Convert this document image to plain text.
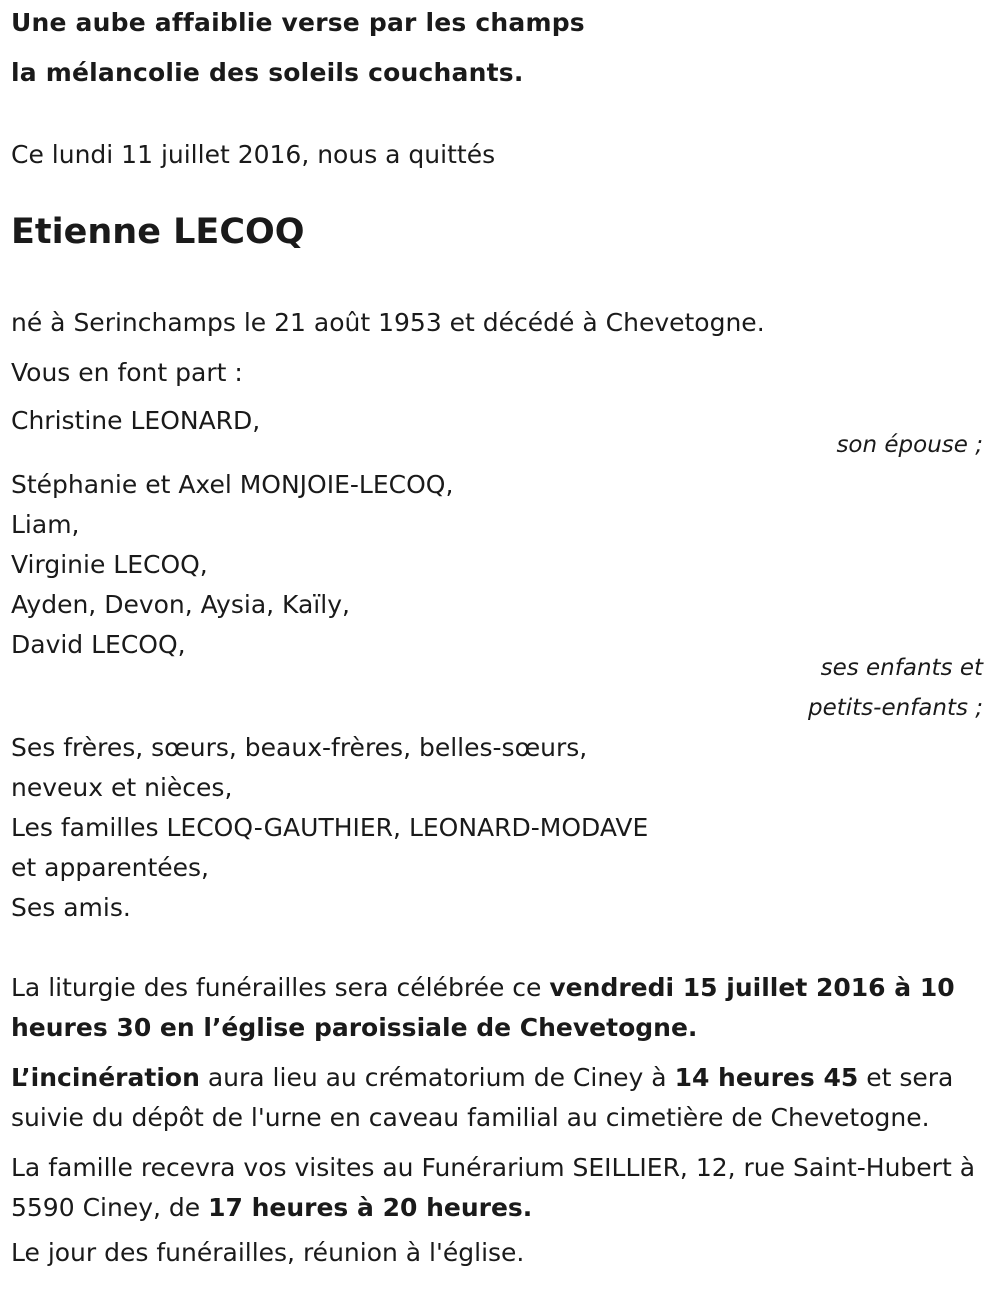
Une aube affaiblie verse par les champs
la mélancolie des soleils couchants.
Ce lundi 11 juillet 2016, nous a quittés
Etienne LECOQ
né à Serinchamps le 21 août 1953 et décédé à Chevetogne.
Vous en font part :
Christine LEONARD,
son épouse ;
Stéphanie et Axel MONJOIE-LECOQ,
Liam,
Virginie LECOQ,
Ayden, Devon, Aysia, Kaïly,
David LECOQ,
ses enfants et
petits-enfants ;
Ses frères, sœurs, beaux-frères, belles-sœurs,
neveux et nièces,
Les familles LECOQ-GAUTHIER, LEONARD-MODAVE
et apparentées,
Ses amis.
La liturgie des funérailles sera célébrée ce vendredi 15 juillet 2016 à 10 heures 30 en l’église paroissiale de Chevetogne.
L’incinération aura lieu au crématorium de Ciney à 14 heures 45 et sera suivie du dépôt de l'urne en caveau familial au cimetière de Chevetogne.
La famille recevra vos visites au Funérarium SEILLIER, 12, rue Saint-Hubert à 5590 Ciney, de 17 heures à 20 heures.
Le jour des funérailles, réunion à l'église.
